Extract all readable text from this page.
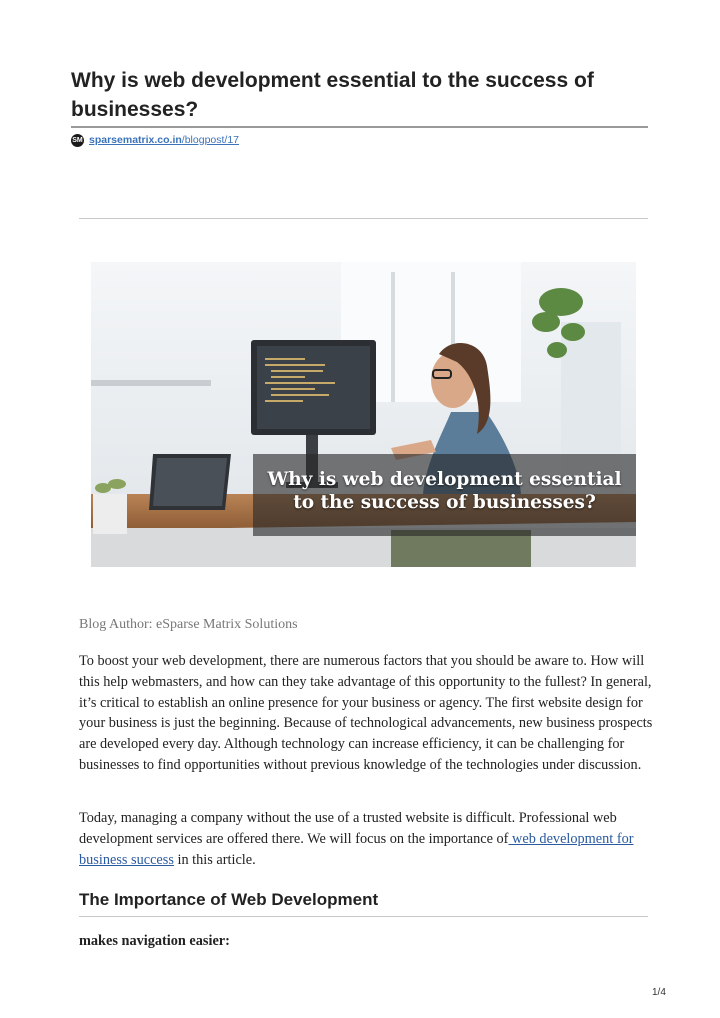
Why is web development essential to the success of businesses?
SM sparsematrix.co.in /blogpost/17
Why is web development essential
to the success of businesses?
Blog Author: eSparse Matrix Solutions

To boost your web development, there are numerous factors that you should be aware to. How will this help webmasters, and how can they take advantage of this opportunity to the fullest? In general, it’s critical to establish an online presence for your business or agency. The first website design for your business is just the beginning. Because of technological advancements, new business prospects are developed every day. Although technology can increase efficiency, it can be challenging for businesses to find opportunities without previous knowledge of the technologies under discussion.

Today, managing a company without the use of a trusted website is difficult. Professional web development services are offered there. We will focus on the importance of web development for business success in this article.

The Importance of Web Development
makes navigation easier:
1/4
